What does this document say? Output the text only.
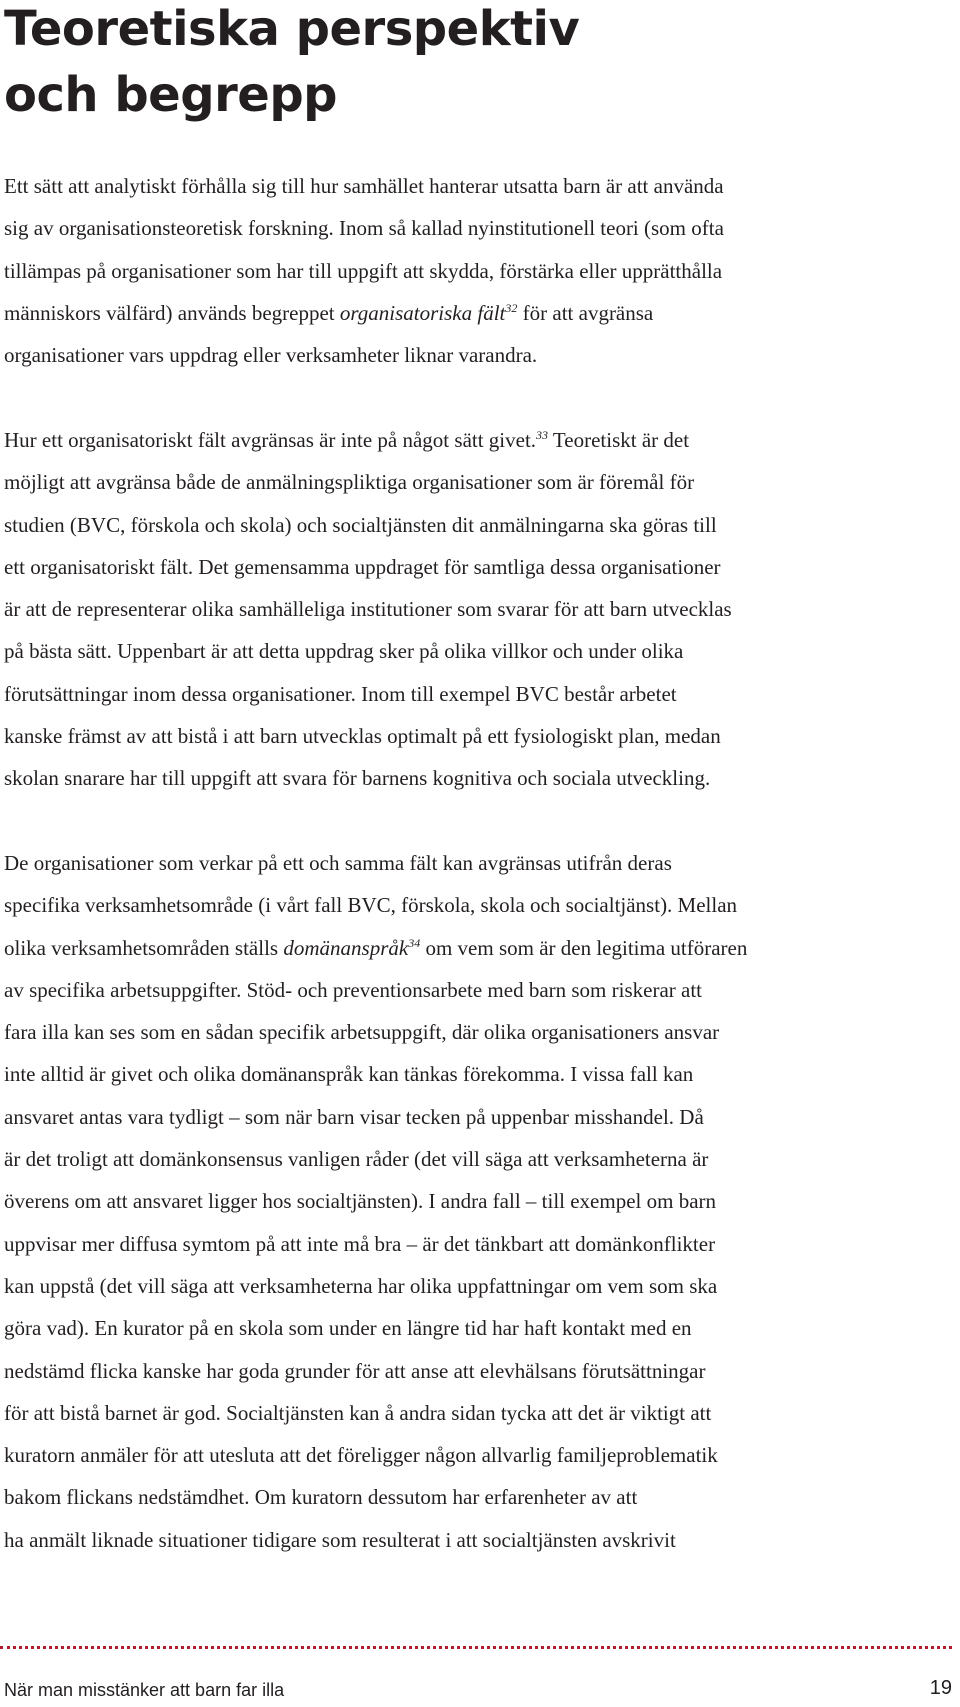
Teoretiska perspektiv
och begrepp
Ett sätt att analytiskt förhålla sig till hur samhället hanterar utsatta barn är att använda
sig av organisationsteoretisk forskning. Inom så kallad nyinstitutionell teori (som ofta
tillämpas på organisationer som har till uppgift att skydda, förstärka eller upprätthålla
människors välfärd) används begreppet organisatoriska fält$^{32}$ för att avgränsa
organisationer vars uppdrag eller verksamheter liknar varandra.
Hur ett organisatoriskt fält avgränsas är inte på något sätt givet.$^{33}$ Teoretiskt är det
möjligt att avgränsa både de anmälningspliktiga organisationer som är föremål för
studien (BVC, förskola och skola) och socialtjänsten dit anmälningarna ska göras till
ett organisatoriskt fält. Det gemensamma uppdraget för samtliga dessa organisationer
är att de representerar olika samhälleliga institutioner som svarar för att barn utvecklas
på bästa sätt. Uppenbart är att detta uppdrag sker på olika villkor och under olika
förutsättningar inom dessa organisationer. Inom till exempel BVC består arbetet
kanske främst av att bistå i att barn utvecklas optimalt på ett fysiologiskt plan, medan
skolan snarare har till uppgift att svara för barnens kognitiva och sociala utveckling.
De organisationer som verkar på ett och samma fält kan avgränsas utifrån deras
specifika verksamhetsområde (i vårt fall BVC, förskola, skola och socialtjänst). Mellan
olika verksamhetsområden ställs domänanspråk$^{34}$ om vem som är den legitima utföraren
av specifika arbetsuppgifter. Stöd- och preventionsarbete med barn som riskerar att
fara illa kan ses som en sådan specifik arbetsuppgift, där olika organisationers ansvar
inte alltid är givet och olika domänanspråk kan tänkas förekomma. I vissa fall kan
ansvaret antas vara tydligt – som när barn visar tecken på uppenbar misshandel. Då
är det troligt att domänkonsensus vanligen råder (det vill säga att verksamheterna är
överens om att ansvaret ligger hos socialtjänsten). I andra fall – till exempel om barn
uppvisar mer diffusa symtom på att inte må bra – är det tänkbart att domänkonflikter
kan uppstå (det vill säga att verksamheterna har olika uppfattningar om vem som ska
göra vad). En kurator på en skola som under en längre tid har haft kontakt med en
nedstämd flicka kanske har goda grunder för att anse att elevhälsans förutsättningar
för att bistå barnet är god. Socialtjänsten kan å andra sidan tycka att det är viktigt att
kuratorn anmäler för att utesluta att det föreligger någon allvarlig familjeproblematik
bakom flickans nedstämdhet. Om kuratorn dessutom har erfarenheter av att
ha anmält liknade situationer tidigare som resulterat i att socialtjänsten avskrivit
När man misstänker att barn far illa	19
